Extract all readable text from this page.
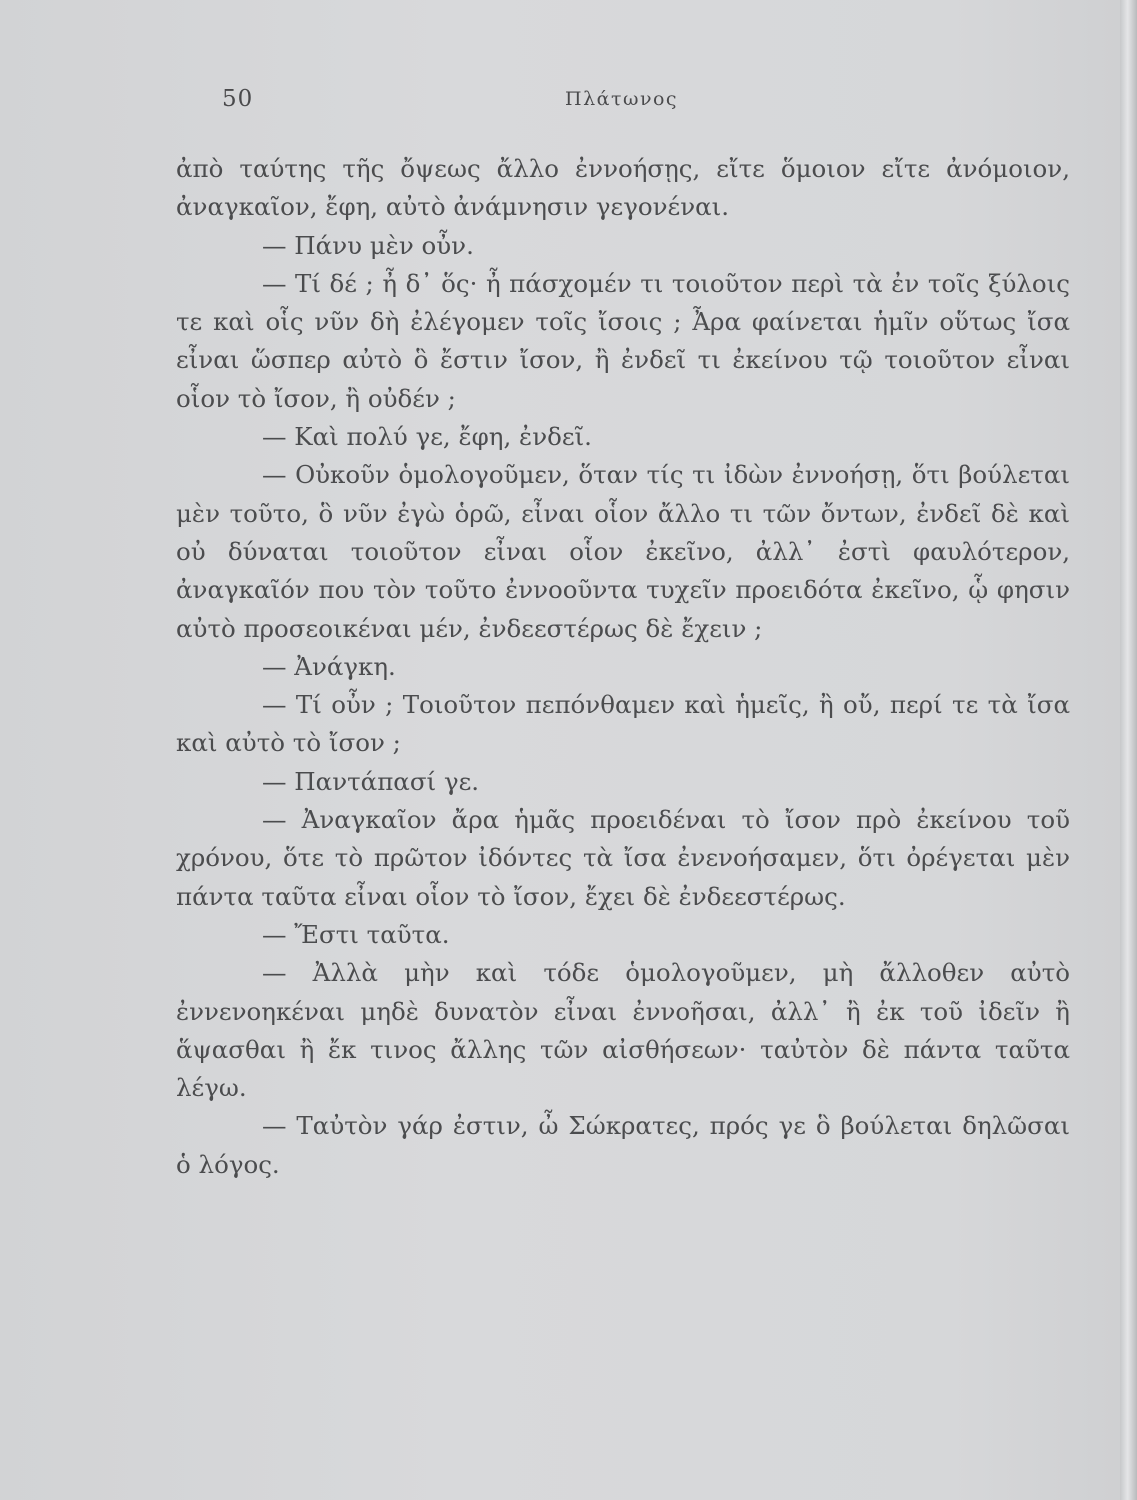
50	Πλάτωνος

ἀπὸ ταύτης τῆς ὄψεως ἄλλο ἐννοήσῃς, εἴτε ὅμοιον εἴτε ἀνόμοιον, ἀναγκαῖον, ἔφη, αὐτὸ ἀνάμνησιν γεγονέναι.

— Πάνυ μὲν οὖν.

— Τί δέ ; ἦ δ᾽ ὅς· ἦ πάσχομέν τι τοιοῦτον περὶ τὰ ἐν τοῖς ξύλοις τε καὶ οἷς νῦν δὴ ἐλέγομεν τοῖς ἴσοις ; Ἆρα φαίνεται ἡμῖν οὕτως ἴσα εἶναι ὥσπερ αὐτὸ ὃ ἔστιν ἴσον, ἢ ἐνδεῖ τι ἐκείνου τῷ τοιοῦτον εἶναι οἷον τὸ ἴσον, ἢ οὐδέν ;

— Καὶ πολύ γε, ἔφη, ἐνδεῖ.

— Οὐκοῦν ὁμολογοῦμεν, ὅταν τίς τι ἰδὼν ἐννοήσῃ, ὅτι βούλεται μὲν τοῦτο, ὃ νῦν ἐγὼ ὁρῶ, εἶναι οἷον ἄλλο τι τῶν ὄντων, ἐνδεῖ δὲ καὶ οὐ δύναται τοιοῦτον εἶναι οἷον ἐκεῖνο, ἀλλ᾽ ἐστὶ φαυλότερον, ἀναγκαῖόν που τὸν τοῦτο ἐννοοῦντα τυχεῖν προειδότα ἐκεῖνο, ᾧ φησιν αὐτὸ προσεοικέναι μέν, ἐνδεεστέρως δὲ ἔχειν ;

— Ἀνάγκη.

— Τί οὖν ; Τοιοῦτον πεπόνθαμεν καὶ ἡμεῖς, ἢ οὔ, περί τε τὰ ἴσα καὶ αὐτὸ τὸ ἴσον ;

— Παντάπασί γε.

— Ἀναγκαῖον ἄρα ἡμᾶς προειδέναι τὸ ἴσον πρὸ ἐκείνου τοῦ χρόνου, ὅτε τὸ πρῶτον ἰδόντες τὰ ἴσα ἐνενοήσαμεν, ὅτι ὀρέγεται μὲν πάντα ταῦτα εἶναι οἷον τὸ ἴσον, ἔχει δὲ ἐνδεεστέρως.

— Ἔστι ταῦτα.

— Ἀλλὰ μὴν καὶ τόδε ὁμολογοῦμεν, μὴ ἄλλοθεν αὐτὸ ἐννενοηκέναι μηδὲ δυνατὸν εἶναι ἐννοῆσαι, ἀλλ᾽ ἢ ἐκ τοῦ ἰδεῖν ἢ ἅψασθαι ἢ ἔκ τινος ἄλλης τῶν αἰσθήσεων· ταὐτὸν δὲ πάντα ταῦτα λέγω.

— Ταὐτὸν γάρ ἐστιν, ὦ Σώκρατες, πρός γε ὃ βούλεται δηλῶσαι ὁ λόγος.
